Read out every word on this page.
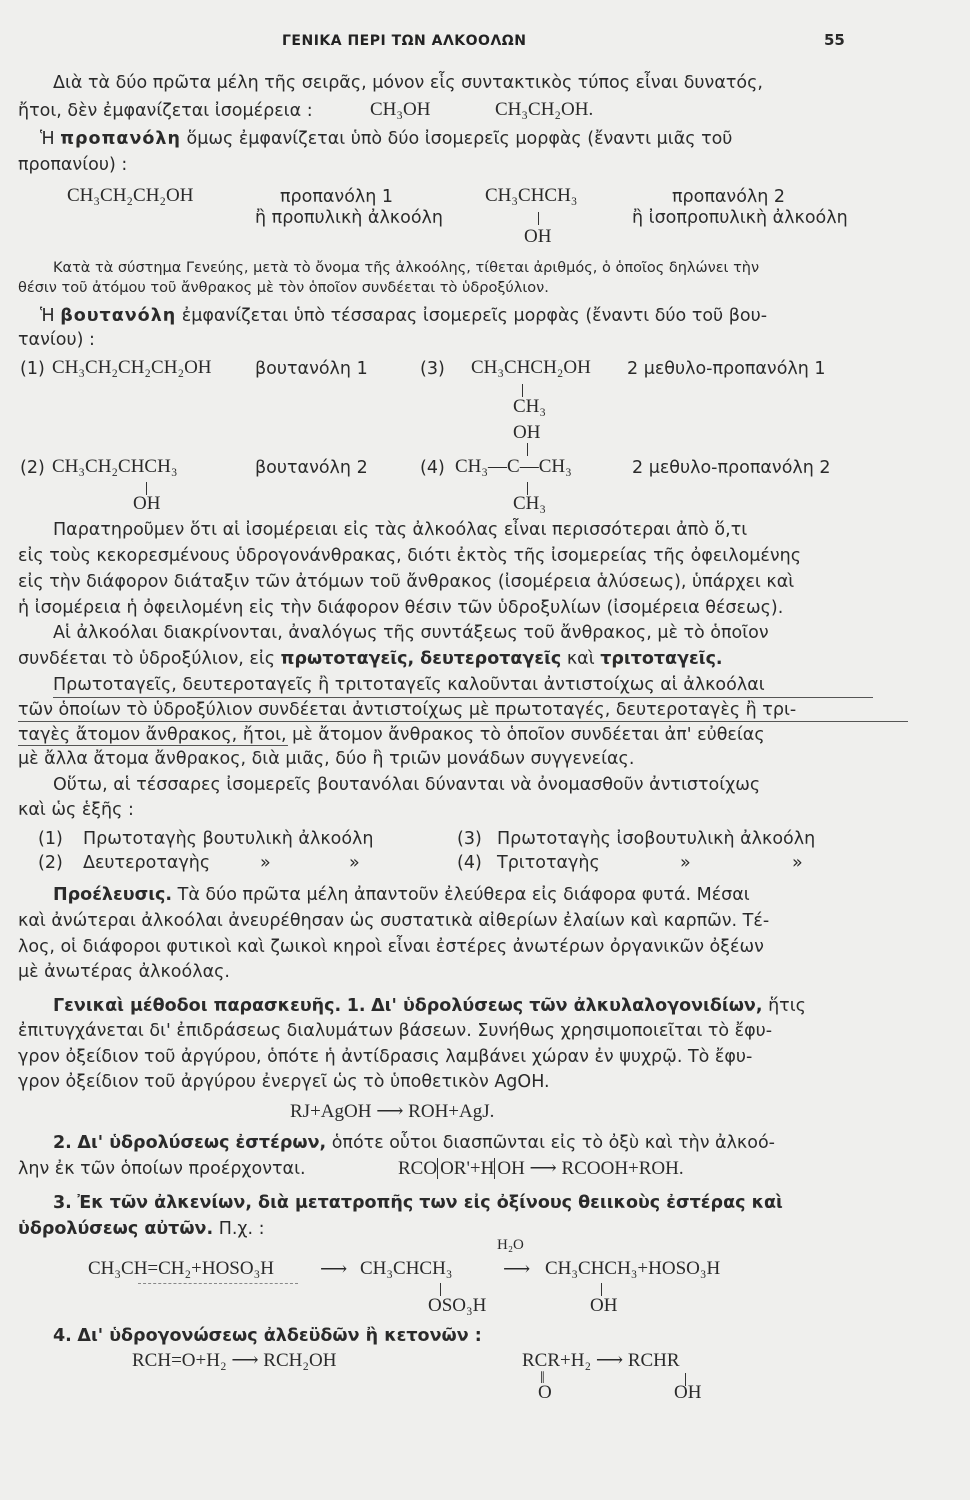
ΓΕΝΙΚΑ ΠΕΡΙ ΤΩΝ ΑΛΚΟΟΛΩΝ	55
Διὰ τὰ δύο πρῶτα μέλη τῆς σειρᾶς, μόνον εἷς συντακτικὸς τύπος εἶναι δυνατός,
ἤτοι, δὲν ἐμφανίζεται ἰσομέρεια :	CH₃OH	CH₃CH₂OH.
Ἡ προπανόλη ὅμως ἐμφανίζεται ὑπὸ δύο ἰσομερεῖς μορφὰς (ἔναντι μιᾶς τοῦ
προπανίου) :
CH₃CH₂CH₂OH	προπανόλη 1
ἢ προπυλικὴ ἀλκοόλη
CH₃CHCH₃
OH
προπανόλη 2
ἢ ἰσοπροπυλικὴ ἀλκοόλη
Κατὰ τὰ σύστημα Γενεύης, μετὰ τὸ ὄνομα τῆς ἀλκοόλης, τίθεται ἀριθμός, ὁ ὁποῖος δηλώνει τὴν
θέσιν τοῦ ἀτόμου τοῦ ἄνθρακος μὲ τὸν ὁποῖον συνδέεται τὸ ὑδροξύλιον.
Ἡ βουτανόλη ἐμφανίζεται ὑπὸ τέσσαρας ἰσομερεῖς μορφὰς (ἔναντι δύο τοῦ βου-
τανίου) :
(1) CH₃CH₂CH₂CH₂OH βουτανόλη 1	(3) CH₃CHCH₂OH
CH₃
2 μεθυλο-προπανόλη 1
OH
(2) CH₃CH₂CHCH₃
OH
βουτανόλη 2	(4) CH₃—C—CH₃
CH₃
2 μεθυλο-προπανόλη 2
Παρατηροῦμεν ὅτι αἱ ἰσομέρειαι εἰς τὰς ἀλκοόλας εἶναι περισσότεραι ἀπὸ ὅ,τι
εἰς τοὺς κεκορεσμένους ὑδρογονάνθρακας, διότι ἐκτὸς τῆς ἰσομερείας τῆς ὀφειλομένης
εἰς τὴν διάφορον διάταξιν τῶν ἀτόμων τοῦ ἄνθρακος (ἰσομέρεια ἁλύσεως), ὑπάρχει καὶ
ἡ ἰσομέρεια ἡ ὀφειλομένη εἰς τὴν διάφορον θέσιν τῶν ὑδροξυλίων (ἰσομέρεια θέσεως).
Αἱ ἀλκοόλαι διακρίνονται, ἀναλόγως τῆς συντάξεως τοῦ ἄνθρακος, μὲ τὸ ὁποῖον
συνδέεται τὸ ὑδροξύλιον, εἰς πρωτοταγεῖς, δευτεροταγεῖς καὶ τριτοταγεῖς.
Πρωτοταγεῖς, δευτεροταγεῖς ἢ τριτοταγεῖς καλοῦνται ἀντιστοίχως αἱ ἀλκοόλαι
τῶν ὁποίων τὸ ὑδροξύλιον συνδέεται ἀντιστοίχως μὲ πρωτοταγές, δευτεροταγὲς ἢ τρι-
ταγὲς ἄτομον ἄνθρακος, ἤτοι, μὲ ἄτομον ἄνθρακος τὸ ὁποῖον συνδέεται ἀπ' εὐθείας
μὲ ἄλλα ἄτομα ἄνθρακος, διὰ μιᾶς, δύο ἢ τριῶν μονάδων συγγενείας.
Οὕτω, αἱ τέσσαρες ἰσομερεῖς βουτανόλαι δύνανται νὰ ὀνομασθοῦν ἀντιστοίχως
καὶ ὡς ἑξῆς :
(1) Πρωτοταγὴς βουτυλικὴ ἀλκοόλη	(3) Πρωτοταγὴς ἰσοβουτυλικὴ ἀλκοόλη
(2) Δευτεροταγὴς	»	»	(4) Τριτοταγὴς	»	»
Προέλευσις. Τὰ δύο πρῶτα μέλη ἀπαντοῦν ἐλεύθερα εἰς διάφορα φυτά. Μέσαι
καὶ ἀνώτεραι ἀλκοόλαι ἀνευρέθησαν ὡς συστατικὰ αἰθερίων ἐλαίων καὶ καρπῶν. Τέ-
λος, οἱ διάφοροι φυτικοὶ καὶ ζωικοὶ κηροὶ εἶναι ἐστέρες ἀνωτέρων ὀργανικῶν ὀξέων
μὲ ἀνωτέρας ἀλκοόλας.
Γενικαὶ μέθοδοι παρασκευῆς. 1. Δι' ὑδρολύσεως τῶν ἀλκυλαλογονιδίων, ἥτις
ἐπιτυγχάνεται δι' ἐπιδράσεως διαλυμάτων βάσεων. Συνήθως χρησιμοποιεῖται τὸ ἔφυ-
γρον ὀξείδιον τοῦ ἀργύρου, ὁπότε ἡ ἀντίδρασις λαμβάνει χώραν ἐν ψυχρῷ. Τὸ ἔφυ-
γρον ὀξείδιον τοῦ ἀργύρου ἐνεργεῖ ὡς τὸ ὑποθετικὸν AgOH.
RJ+AgOH ⟶ ROH+AgJ.
2. Δι' ὑδρολύσεως ἐστέρων, ὁπότε οὗτοι διασπῶνται εἰς τὸ ὀξὺ καὶ τὴν ἀλκοό-
λην ἐκ τῶν ὁποίων προέρχονται.	RCO OR'+H OH ⟶ RCOOH+ROH.
3. Ἐκ τῶν ἀλκενίων, διὰ μετατροπῆς των εἰς ὀξίνους θειικοὺς ἐστέρας καὶ
ὑδρολύσεως αὐτῶν. Π.χ. :
H₂O
CH₃CH=CH₂+HOSO₃H ⟶ CH₃CHCH₃
OSO₃H
⟶ CH₃CHCH₃+HOSO₃H
OH
4. Δι' ὑδρογονώσεως ἀλδεϋδῶν ἢ κετονῶν :
RCH=O+H₂ ⟶ RCH₂OH	RCR+H₂ ⟶ RCHR
‖
O	OH
